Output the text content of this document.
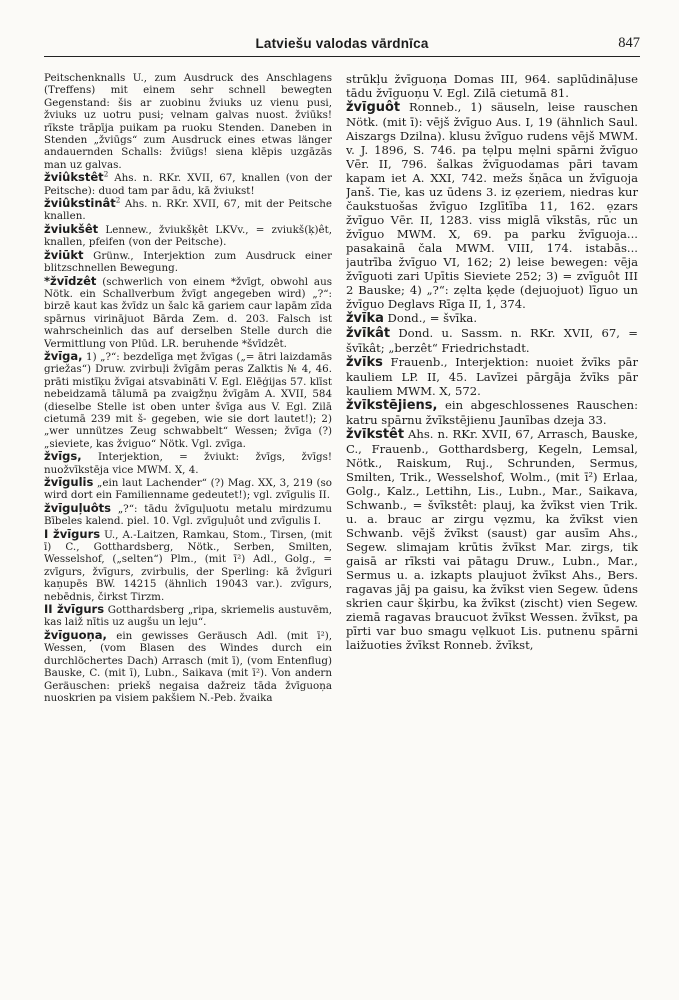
Latviešu valodas vārdnīca	847

Peitschenknalls U., zum Ausdruck des Anschlagens (Treffens) mit einem sehr schnell bewegten Gegenstand: šis ar zuobinu žviuks uz vienu pusi, žviuks uz uotru pusi; velnam galvas nuost. žviūks! rīkste trāpīja puikam pa ruoku Stenden. Daneben in Stenden „žviūgs“ zum Ausdruck eines etwas länger andauernden Schalls: žviūgs! siena klēpis uzgāzās man uz galvas.

žviûkstêt$^2$ Ahs. n. RKr. XVII, 67, knallen (von der Peitsche): duod tam par ādu, kā žviukst!

žviûkstinât$^2$ Ahs. n. RKr. XVII, 67, mit der Peitsche knallen.

žviukšêt Lennew., žviukšķêt LKVv., = zviukš(ķ)êt, knallen, pfeifen (von der Peitsche).

žviūkt Grünw., Interjektion zum Ausdruck einer blitzschnellen Bewegung.

*žvīdzêt (schwerlich von einem *žvīgt, obwohl aus Nötk. ein Schallverbum žvīgt angegeben wird) „?“: birzē kaut kas žvīdz un šalc kā gariem caur lapām zīda spārnus virinājuot Bārda Zem. d. 203. Falsch ist wahrscheinlich das auf derselben Stelle durch die Vermittlung von Plūd. LR. beruhende *švīdzêt.

žvīga, 1) „?“: bezdelīga mẹt žvīgas („= ātri laizdamās griežas“) Druw. zvirbuļi žvīgām peras Zalktis № 4, 46. prāti mistīķu žvīgai atsvabināti V. Egl. Elēģijas 57. klīst nebeidzamā tālumā pa zvaigžņu žvīgām A. XVII, 584 (dieselbe Stelle ist oben unter švīga aus V. Egl. Zilā cietumā 239 mit š- gegeben, wie sie dort lautet!); 2) „wer unnützes Zeug schwabbelt“ Wessen; žvīga (?) „sieviete, kas žviguo“ Nötk. Vgl. zvīga.

žvīgs, Interjektion, = žviukt: žvīgs, žvīgs! nuožvīkstēja vice MWM. X, 4.

žvīgulis „ein laut Lachender“ (?) Mag. XX, 3, 219 (so wird dort ein Familienname gedeutet!); vgl. zvīgulis II.

žvīguļuôts „?“: tādu žvīguļuotu metalu mirdzumu Bībeles kalend. piel. 10. Vgl. zvīguļuôt und zvīgulis I.

I žvīgurs U., A.-Laitzen, Ramkau, Stom., Tirsen, (mit ī) C., Gotthardsberg, Nötk., Serben, Smilten, Wesselshof, („selten“) Plm., (mit ī²) Adl., Golg., = zvīgurs, žvīgurs, zvirbulis, der Sperling: kā žvīguri kaņupēs BW. 14215 (ähnlich 19043 var.). zvīgurs, nebēdnis, čirkst Tirzm.

II žvīgurs Gotthardsberg „ripa, skriemelis austuvēm, kas laiž nītis uz augšu un leju“.

žvīguoņa, ein gewisses Geräusch Adl. (mit ī²), Wessen, (vom Blasen des Windes durch ein durchlöchertes Dach) Arrasch (mit ī), (vom Entenflug) Bauske, C. (mit ī), Lubn., Saikava (mit ī²). Von andern Geräuschen: priekš negaisa dažreiz tāda žvīguoņa nuoskrien pa visiem pakšiem N.-Peb. žvaika

strūkļu žvīguoņa Domas III, 964. saplūdināļuse tādu žvīguoņu V. Egl. Zilā cietumā 81.

žvīguôt Ronneb., 1) säuseln, leise rauschen Nötk. (mit ī): vējš žvīguo Aus. I, 19 (ähnlich Saul. Aiszargs Dzilna). klusu žvīguo rudens vējš MWM. v. J. 1896, S. 746. pa tẹlpu mẹlni spārni žvīguo Vēr. II, 796. šalkas žvīguodamas pāri tavam kapam iet A. XXI, 742. mežs šņāca un žvīguoja Janš. Tie, kas uz ūdens 3. iz ẹzeriem, niedras kur čaukstuošas žvīguo Izglītība 11, 162. ẹzars žvīguo Vēr. II, 1283. viss miglā vīkstās, rūc un žvīguo MWM. X, 69. pa parku žvīguoja... pasakainā čala MWM. VIII, 174. istabās... jautrība žvīguo VI, 162; 2) leise bewegen: vēja žvīguoti zari Upītis Sieviete 252; 3) = zvīguôt III 2 Bauske; 4) „?“: zẹlta ķẹde (dejuojuot) līguo un žvīguo Deglavs Rīga II, 1, 374.

žvīka Dond., = švīka.

žvīkât Dond. u. Sassm. n. RKr. XVII, 67, = švīkât; „berzêt“ Friedrichstadt.

žvīks Frauenb., Interjektion: nuoiet žvīks pār kauliem LP. II, 45. Lavīzei pārgāja žvīks pār kauliem MWM. X, 572.

žvīkstējiens, ein abgeschlossenes Rauschen: katru spārnu žvīkstējienu Jaunības dzeja 33.

žvīkstêt Ahs. n. RKr. XVII, 67, Arrasch, Bauske, C., Frauenb., Gotthardsberg, Kegeln, Lemsal, Nötk., Raiskum, Ruj., Schrunden, Sermus, Smilten, Trik., Wesselshof, Wolm., (mit ī²) Erlaa, Golg., Kalz., Lettihn, Lis., Lubn., Mar., Saikava, Schwanb., = švīkstêt: plauj, ka žvīkst vien Trik. u. a. brauc ar zirgu vẹzmu, ka žvīkst vien Schwanb. vējš žvīkst (saust) gar ausīm Ahs., Segew. slimajam krūtis žvīkst Mar. zirgs, tik gaisā ar rīksti vai pātagu Druw., Lubn., Mar., Sermus u. a. izkapts plaujuot žvīkst Ahs., Bers. ragavas jāj pa gaisu, ka žvīkst vien Segew. ūdens skrien caur šķirbu, ka žvīkst (zischt) vien Segew. ziemā ragavas braucuot žvīkst Wessen. žvīkst, pa pīrti var buo smagu vẹlkuot Lis. putnenu spārni laižuoties žvīkst Ronneb. žvīkst,
